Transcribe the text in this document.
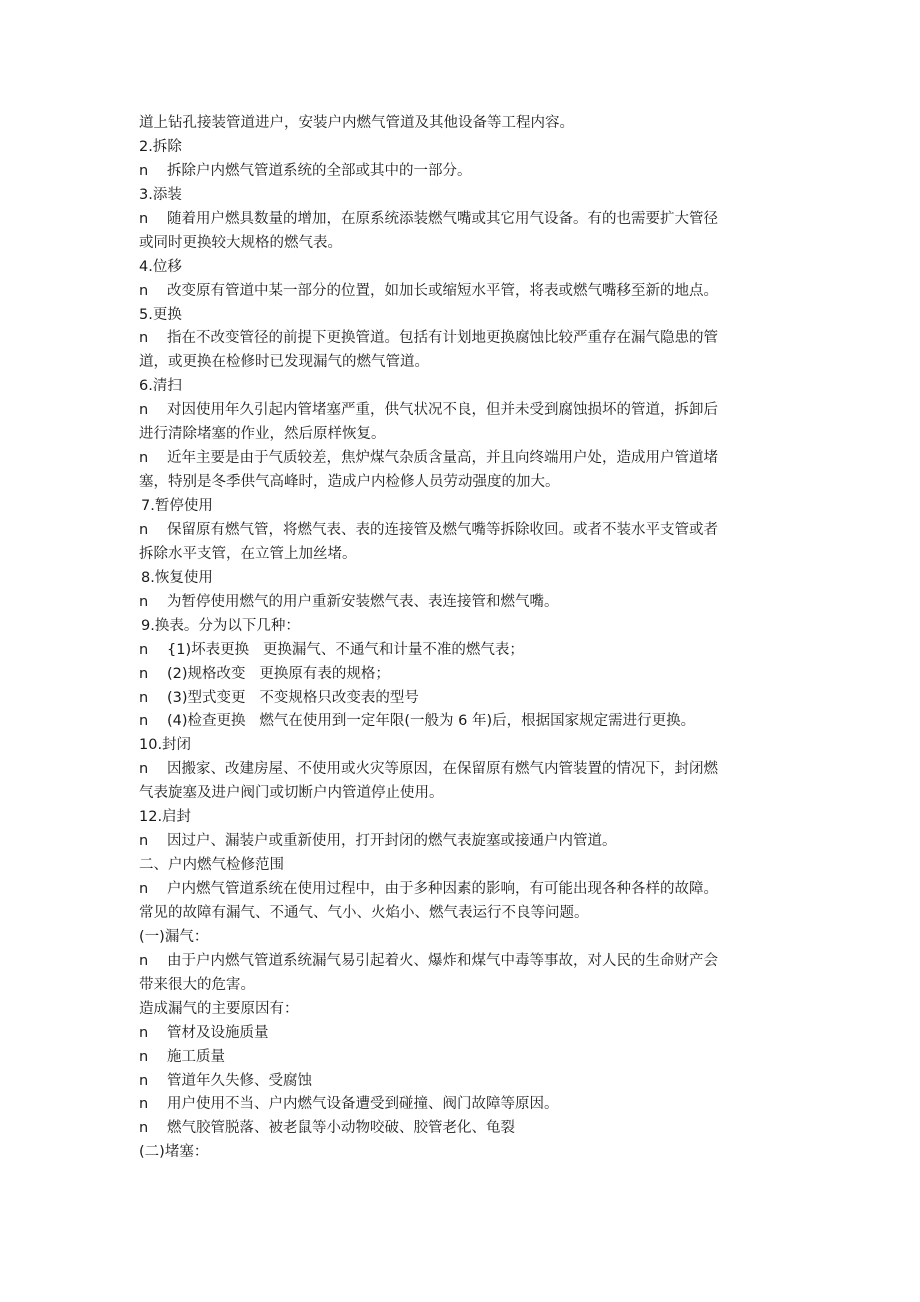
道上钻孔接装管道进户，安装户内燃气管道及其他设备等工程内容。
2.拆除
n	拆除户内燃气管道系统的全部或其中的一部分。
3.添装
n	随着用户燃具数量的增加，在原系统添装燃气嘴或其它用气设备。有的也需要扩大管径
或同时更换较大规格的燃气表。
4.位移
n	改变原有管道中某一部分的位置，如加长或缩短水平管，将表或燃气嘴移至新的地点。
5.更换
n	指在不改变管径的前提下更换管道。包括有计划地更换腐蚀比较严重存在漏气隐患的管
道，或更换在检修时已发现漏气的燃气管道。
6.清扫
n	对因使用年久引起内管堵塞严重，供气状况不良，但并未受到腐蚀损坏的管道，拆卸后
进行清除堵塞的作业，然后原样恢复。
n	近年主要是由于气质较差，焦炉煤气杂质含量高，并且向终端用户处，造成用户管道堵
塞，特别是冬季供气高峰时，造成户内检修人员劳动强度的加大。
7.暂停使用
n	保留原有燃气管，将燃气表、表的连接管及燃气嘴等拆除收回。或者不装水平支管或者
拆除水平支管，在立管上加丝堵。
8.恢复使用
n	为暂停使用燃气的用户重新安装燃气表、表连接管和燃气嘴。
9.换表。分为以下几种：
n	{1)坏表更换   更换漏气、不通气和计量不准的燃气表；
n	(2)规格改变   更换原有表的规格；
n	(3)型式变更   不变规格只改变表的型号
n	(4)检查更换   燃气在使用到一定年限(一般为 6 年)后，根据国家规定需进行更换。
10.封闭
n	因搬家、改建房屋、不使用或火灾等原因，在保留原有燃气内管装置的情况下，封闭燃
气表旋塞及进户阀门或切断户内管道停止使用。
12.启封
n	因过户、漏装户或重新使用，打开封闭的燃气表旋塞或接通户内管道。
二、户内燃气检修范围
n	户内燃气管道系统在使用过程中，由于多种因素的影响，有可能出现各种各样的故障。
常见的故障有漏气、不通气、气小、火焰小、燃气表运行不良等问题。
(一)漏气：
n	由于户内燃气管道系统漏气易引起着火、爆炸和煤气中毒等事故，对人民的生命财产会
带来很大的危害。
造成漏气的主要原因有：
n	管材及设施质量
n	施工质量
n	管道年久失修、受腐蚀
n	用户使用不当、户内燃气设备遭受到碰撞、阀门故障等原因。
n	燃气胶管脱落、被老鼠等小动物咬破、胶管老化、龟裂
(二)堵塞：
